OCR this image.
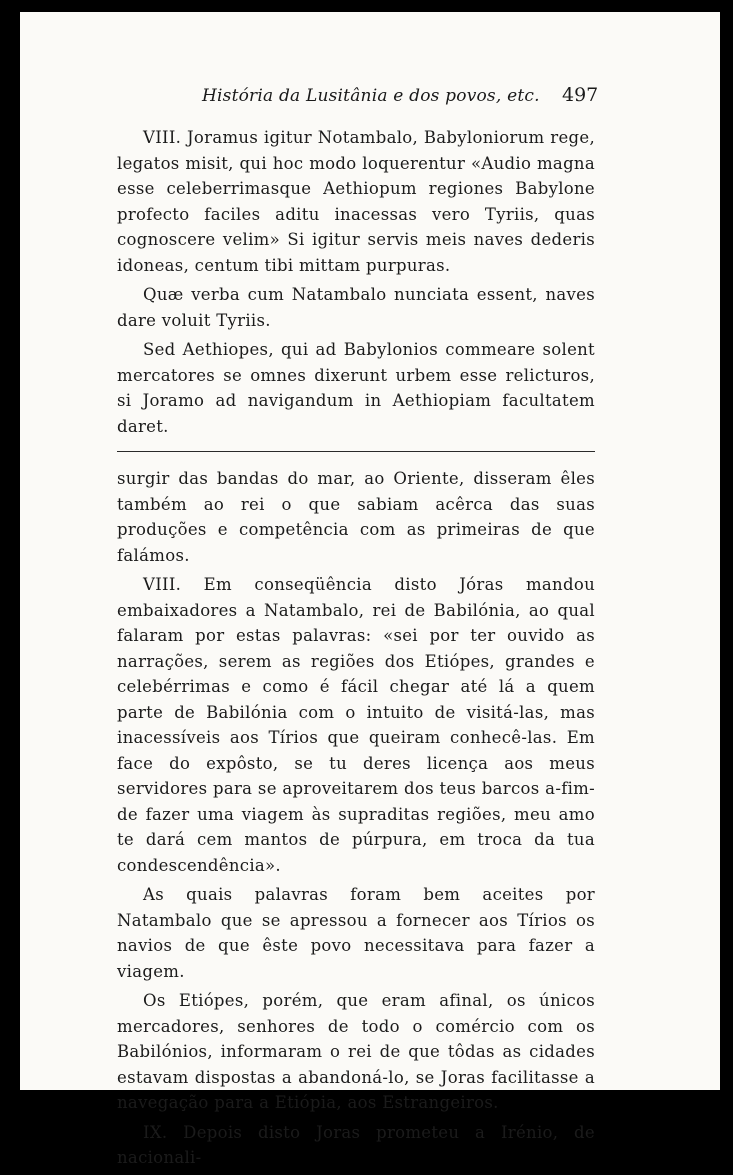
História da Lusitânia e dos povos, etc. 497

VIII. Joramus igitur Notambalo, Babyloniorum rege, legatos misit, qui hoc modo loquerentur «Audio magna esse celeberrimasque Aethiopum regiones Babylone profecto faciles aditu inacessas vero Tyriis, quas cognoscere velim» Si igitur servis meis naves dederis idoneas, centum tibi mittam purpuras.

Quæ verba cum Natambalo nunciata essent, naves dare voluit Tyriis.

Sed Aethiopes, qui ad Babylonios commeare solent mercatores se omnes dixerunt urbem esse relicturos, si Joramo ad navigandum in Aethiopiam facultatem daret.

surgir das bandas do mar, ao Oriente, disseram êles também ao rei o que sabiam acêrca das suas produções e competência com as primeiras de que falámos.

VIII. Em conseqüência disto Jóras mandou embaixadores a Natambalo, rei de Babilónia, ao qual falaram por estas palavras: «sei por ter ouvido as narrações, serem as regiões dos Etiópes, grandes e celebérrimas e como é fácil chegar até lá a quem parte de Babilónia com o intuito de visitá-las, mas inacessíveis aos Tírios que queiram conhecê-las. Em face do expôsto, se tu deres licença aos meus servidores para se aproveitarem dos teus barcos a-fim-de fazer uma viagem às supraditas regiões, meu amo te dará cem mantos de púrpura, em troca da tua condescendência».

As quais palavras foram bem aceites por Natambalo que se apressou a fornecer aos Tírios os navios de que êste povo necessitava para fazer a viagem.

Os Etiópes, porém, que eram afinal, os únicos mercadores, senhores de todo o comércio com os Babilónios, informaram o rei de que tôdas as cidades estavam dispostas a abandoná-lo, se Joras facilitasse a navegação para a Etiópia, aos Estrangeiros.

IX. Depois disto Joras prometeu a Irénio, de nacionali-
